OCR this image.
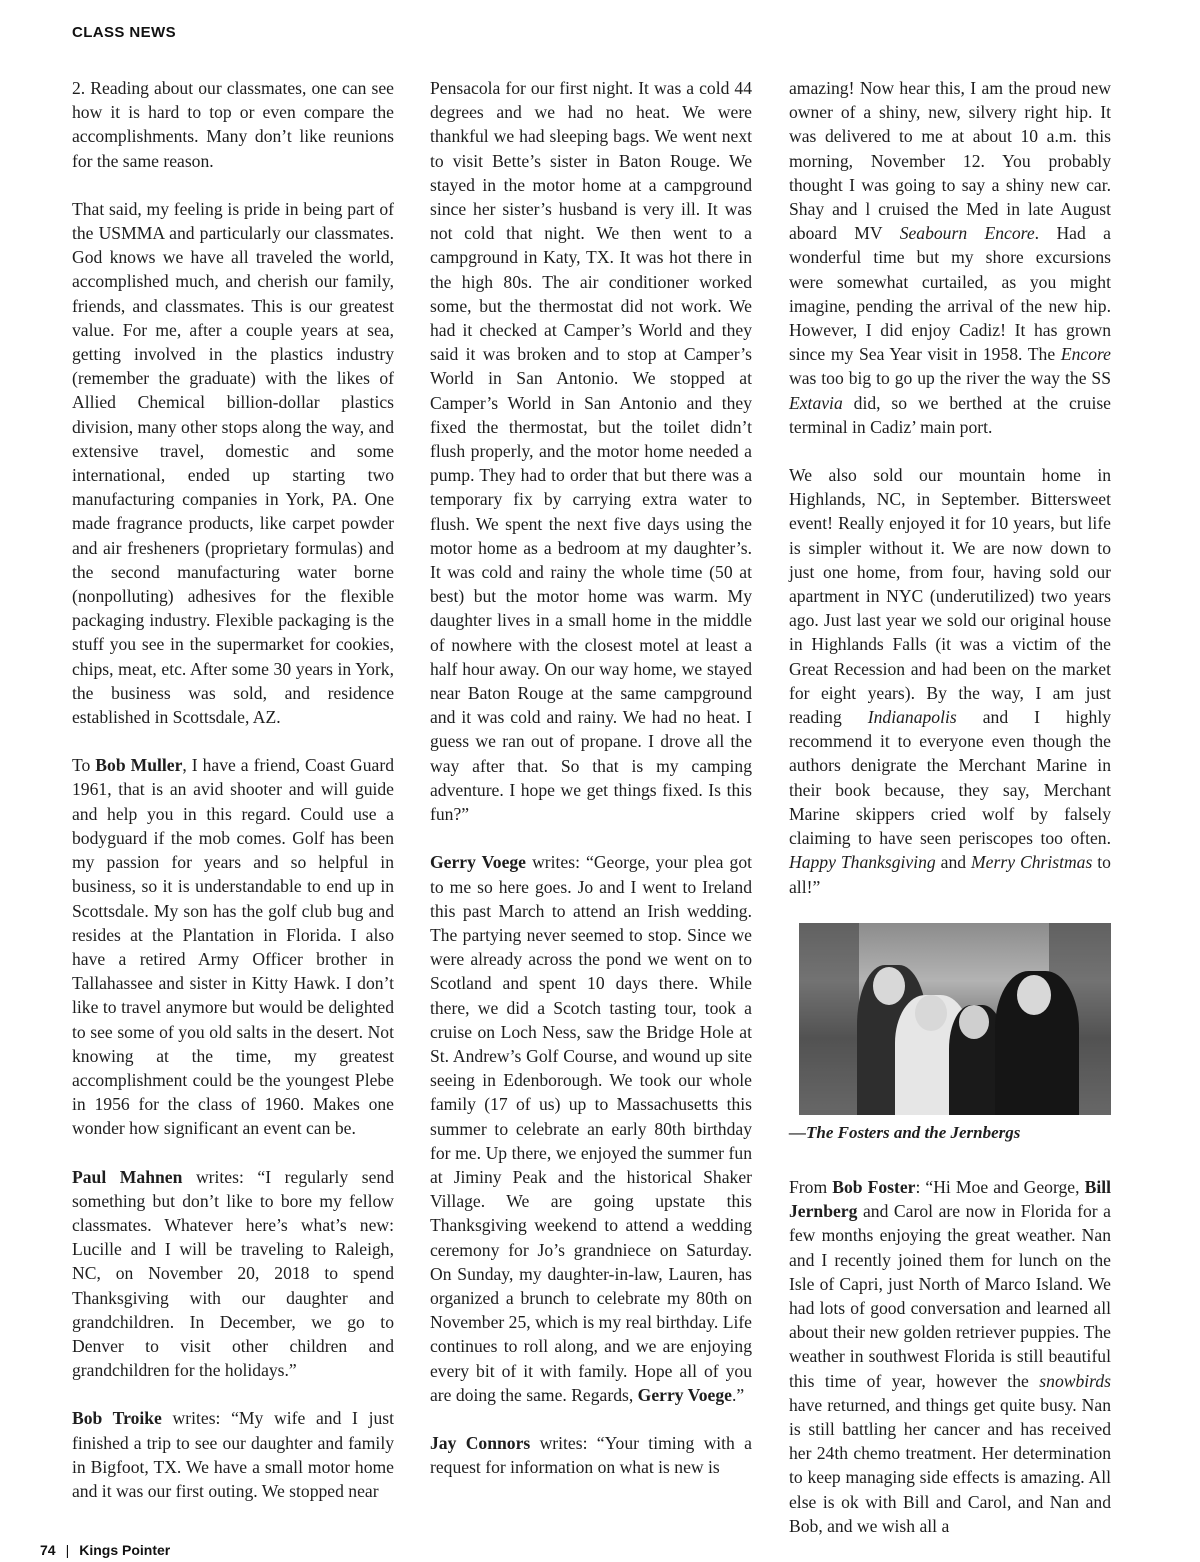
CLASS NEWS

2. Reading about our classmates, one can see how it is hard to top or even compare the accomplishments. Many don’t like reunions for the same reason.

That said, my feeling is pride in being part of the USMMA and particularly our classmates. God knows we have all traveled the world, accomplished much, and cherish our family, friends, and classmates. This is our greatest value. For me, after a couple years at sea, getting involved in the plastics industry (remember the graduate) with the likes of Allied Chemical billion-dollar plastics division, many other stops along the way, and extensive travel, domestic and some international, ended up starting two manufacturing companies in York, PA. One made fragrance products, like carpet powder and air fresheners (proprietary formulas) and the second manufacturing water borne (nonpolluting) adhesives for the flexible packaging industry. Flexible packaging is the stuff you see in the supermarket for cookies, chips, meat, etc. After some 30 years in York, the business was sold, and residence established in Scottsdale, AZ.

To Bob Muller, I have a friend, Coast Guard 1961, that is an avid shooter and will guide and help you in this regard. Could use a bodyguard if the mob comes. Golf has been my passion for years and so helpful in business, so it is understandable to end up in Scottsdale. My son has the golf club bug and resides at the Plantation in Florida. I also have a retired Army Officer brother in Tallahassee and sister in Kitty Hawk. I don’t like to travel anymore but would be delighted to see some of you old salts in the desert. Not knowing at the time, my greatest accomplishment could be the youngest Plebe in 1956 for the class of 1960. Makes one wonder how significant an event can be.

Paul Mahnen writes: “I regularly send something but don’t like to bore my fellow classmates. Whatever here’s what’s new: Lucille and I will be traveling to Raleigh, NC, on November 20, 2018 to spend Thanksgiving with our daughter and grandchildren. In December, we go to Denver to visit other children and grandchildren for the holidays.”

Bob Troike writes: “My wife and I just finished a trip to see our daughter and family in Bigfoot, TX. We have a small motor home and it was our first outing. We stopped near

Pensacola for our first night. It was a cold 44 degrees and we had no heat. We were thankful we had sleeping bags. We went next to visit Bette’s sister in Baton Rouge. We stayed in the motor home at a campground since her sister’s husband is very ill. It was not cold that night. We then went to a campground in Katy, TX. It was hot there in the high 80s. The air conditioner worked some, but the thermostat did not work. We had it checked at Camper’s World and they said it was broken and to stop at Camper’s World in San Antonio. We stopped at Camper’s World in San Antonio and they fixed the thermostat, but the toilet didn’t flush properly, and the motor home needed a pump. They had to order that but there was a temporary fix by carrying extra water to flush. We spent the next five days using the motor home as a bedroom at my daughter’s. It was cold and rainy the whole time (50 at best) but the motor home was warm. My daughter lives in a small home in the middle of nowhere with the closest motel at least a half hour away. On our way home, we stayed near Baton Rouge at the same campground and it was cold and rainy. We had no heat. I guess we ran out of propane. I drove all the way after that. So that is my camping adventure. I hope we get things fixed. Is this fun?”

Gerry Voege writes: “George, your plea got to me so here goes. Jo and I went to Ireland this past March to attend an Irish wedding. The partying never seemed to stop. Since we were already across the pond we went on to Scotland and spent 10 days there. While there, we did a Scotch tasting tour, took a cruise on Loch Ness, saw the Bridge Hole at St. Andrew’s Golf Course, and wound up site seeing in Edenborough. We took our whole family (17 of us) up to Massachusetts this summer to celebrate an early 80th birthday for me. Up there, we enjoyed the summer fun at Jiminy Peak and the historical Shaker Village. We are going upstate this Thanksgiving weekend to attend a wedding ceremony for Jo’s grandniece on Saturday. On Sunday, my daughter-in-law, Lauren, has organized a brunch to celebrate my 80th on November 25, which is my real birthday. Life continues to roll along, and we are enjoying every bit of it with family. Hope all of you are doing the same. Regards, Gerry Voege.”

Jay Connors writes: “Your timing with a request for information on what is new is

amazing! Now hear this, I am the proud new owner of a shiny, new, silvery right hip. It was delivered to me at about 10 a.m. this morning, November 12. You probably thought I was going to say a shiny new car. Shay and l cruised the Med in late August aboard MV Seabourn Encore. Had a wonderful time but my shore excursions were somewhat curtailed, as you might imagine, pending the arrival of the new hip. However, I did enjoy Cadiz! It has grown since my Sea Year visit in 1958. The Encore was too big to go up the river the way the SS Extavia did, so we berthed at the cruise terminal in Cadiz’ main port.

We also sold our mountain home in Highlands, NC, in September. Bittersweet event! Really enjoyed it for 10 years, but life is simpler without it. We are now down to just one home, from four, having sold our apartment in NYC (underutilized) two years ago. Just last year we sold our original house in Highlands Falls (it was a victim of the Great Recession and had been on the market for eight years). By the way, I am just reading Indianapolis and I highly recommend it to everyone even though the authors denigrate the Merchant Marine in their book because, they say, Merchant Marine skippers cried wolf by falsely claiming to have seen periscopes too often. Happy Thanksgiving and Merry Christmas to all!”

—The Fosters and the Jernbergs

From Bob Foster: “Hi Moe and George, Bill Jernberg and Carol are now in Florida for a few months enjoying the great weather. Nan and I recently joined them for lunch on the Isle of Capri, just North of Marco Island. We had lots of good conversation and learned all about their new golden retriever puppies. The weather in southwest Florida is still beautiful this time of year, however the snowbirds have returned, and things get quite busy. Nan is still battling her cancer and has received her 24th chemo treatment. Her determination to keep managing side effects is amazing. All else is ok with Bill and Carol, and Nan and Bob, and we wish all a

74 | Kings Pointer
